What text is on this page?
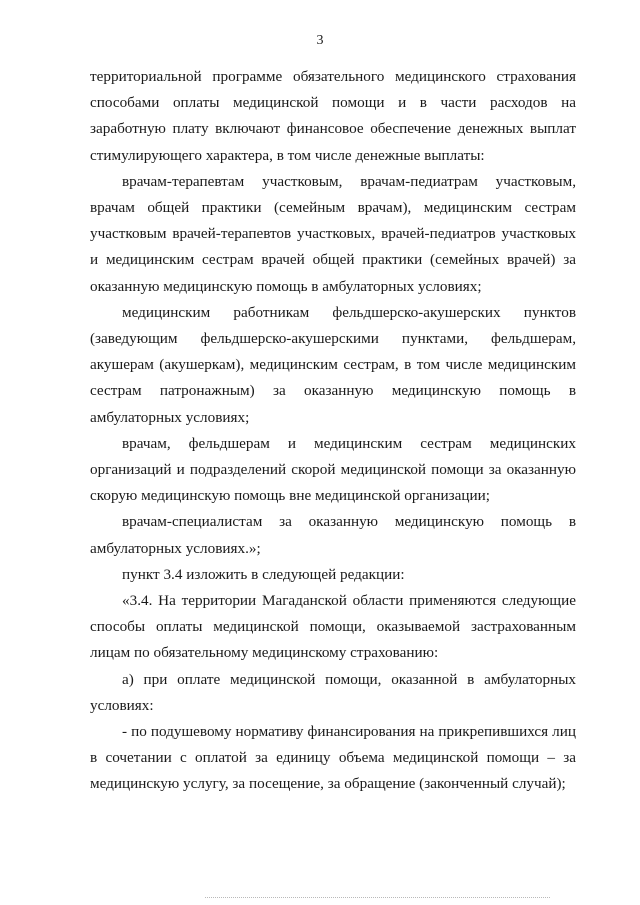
3

территориальной программе обязательного медицинского страхования способами оплаты медицинской помощи и в части расходов на заработную плату включают финансовое обеспечение денежных выплат стимулирующего характера, в том числе денежные выплаты:

врачам-терапевтам участковым, врачам-педиатрам участковым, врачам общей практики (семейным врачам), медицинским сестрам участковым врачей-терапевтов участковых, врачей-педиатров участковых и медицинским сестрам врачей общей практики (семейных врачей) за оказанную медицинскую помощь в амбулаторных условиях;

медицинским работникам фельдшерско-акушерских пунктов (заведующим фельдшерско-акушерскими пунктами, фельдшерам, акушерам (акушеркам), медицинским сестрам, в том числе медицинским сестрам патронажным) за оказанную медицинскую помощь в амбулаторных условиях;

врачам, фельдшерам и медицинским сестрам медицинских организаций и подразделений скорой медицинской помощи за оказанную скорую медицинскую помощь вне медицинской организации;

врачам-специалистам за оказанную медицинскую помощь в амбулаторных условиях.»;

пункт 3.4 изложить в следующей редакции:

«3.4. На территории Магаданской области применяются следующие способы оплаты медицинской помощи, оказываемой застрахованным лицам по обязательному медицинскому страхованию:

а) при оплате медицинской помощи, оказанной в амбулаторных условиях:

- по подушевому нормативу финансирования на прикрепившихся лиц в сочетании с оплатой за единицу объема медицинской помощи – за медицинскую услугу, за посещение, за обращение (законченный случай);
